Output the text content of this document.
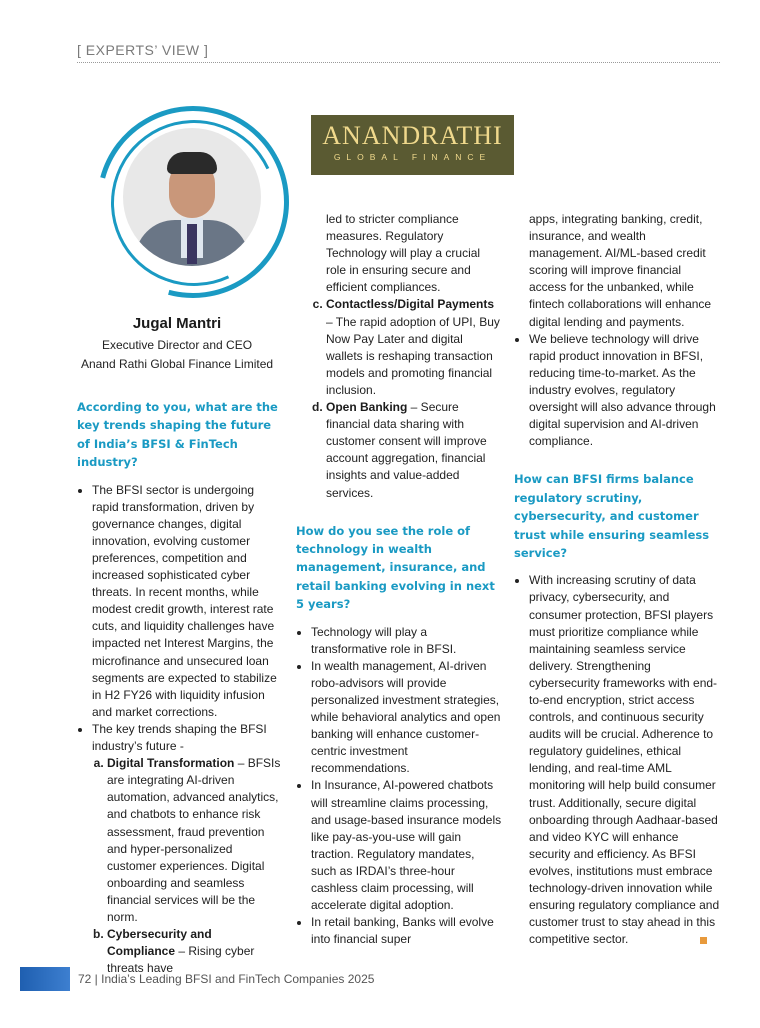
[ EXPERTS’ VIEW ]
Jugal Mantri
Executive Director and CEO
Anand Rathi Global Finance Limited
ANANDRATHI
GLOBAL FINANCE

According to you, what are the key trends shaping the future of India’s BFSI & FinTech industry?

• The BFSI sector is undergoing rapid transformation, driven by governance changes, digital innovation, evolving customer preferences, competition and increased sophisticated cyber threats. In recent months, while modest credit growth, interest rate cuts, and liquidity challenges have impacted net Interest Margins, the microfinance and unsecured loan segments are expected to stabilize in H2 FY26 with liquidity infusion and market corrections.
• The key trends shaping the BFSI industry’s future -
a. Digital Transformation – BFSIs are integrating AI-driven automation, advanced analytics, and chatbots to enhance risk assessment, fraud prevention and hyper-personalized customer experiences. Digital onboarding and seamless financial services will be the norm.
b. Cybersecurity and Compliance – Rising cyber threats have

led to stricter compliance measures. Regulatory Technology will play a crucial role in ensuring secure and efficient compliances.

c. Contactless/Digital Payments – The rapid adoption of UPI, Buy Now Pay Later and digital wallets is reshaping transaction models and promoting financial inclusion.
d. Open Banking – Secure financial data sharing with customer consent will improve account aggregation, financial insights and value-added services.

How do you see the role of technology in wealth management, insurance, and retail banking evolving in next 5 years?

• Technology will play a transformative role in BFSI.
• In wealth management, AI-driven robo-advisors will provide personalized investment strategies, while behavioral analytics and open banking will enhance customer-centric investment recommendations.
• In Insurance, AI-powered chatbots will streamline claims processing, and usage-based insurance models like pay-as-you-use will gain traction. Regulatory mandates, such as IRDAI’s three-hour cashless claim processing, will accelerate digital adoption.
• In retail banking, Banks will evolve into financial super

apps, integrating banking, credit, insurance, and wealth management. AI/ML-based credit scoring will improve financial access for the unbanked, while fintech collaborations will enhance digital lending and payments.

• We believe technology will drive rapid product innovation in BFSI, reducing time-to-market. As the industry evolves, regulatory oversight will also advance through digital supervision and AI-driven compliance.

How can BFSI firms balance regulatory scrutiny, cybersecurity, and customer trust while ensuring seamless service?

• With increasing scrutiny of data privacy, cybersecurity, and consumer protection, BFSI players must prioritize compliance while maintaining seamless service delivery. Strengthening cybersecurity frameworks with end-to-end encryption, strict access controls, and continuous security audits will be crucial. Adherence to regulatory guidelines, ethical lending, and real-time AML monitoring will help build consumer trust. Additionally, secure digital onboarding through Aadhaar-based and video KYC will enhance security and efficiency. As BFSI evolves, institutions must embrace technology-driven innovation while ensuring regulatory compliance and customer trust to stay ahead in this competitive sector.
72 | India’s Leading BFSI and FinTech Companies 2025
